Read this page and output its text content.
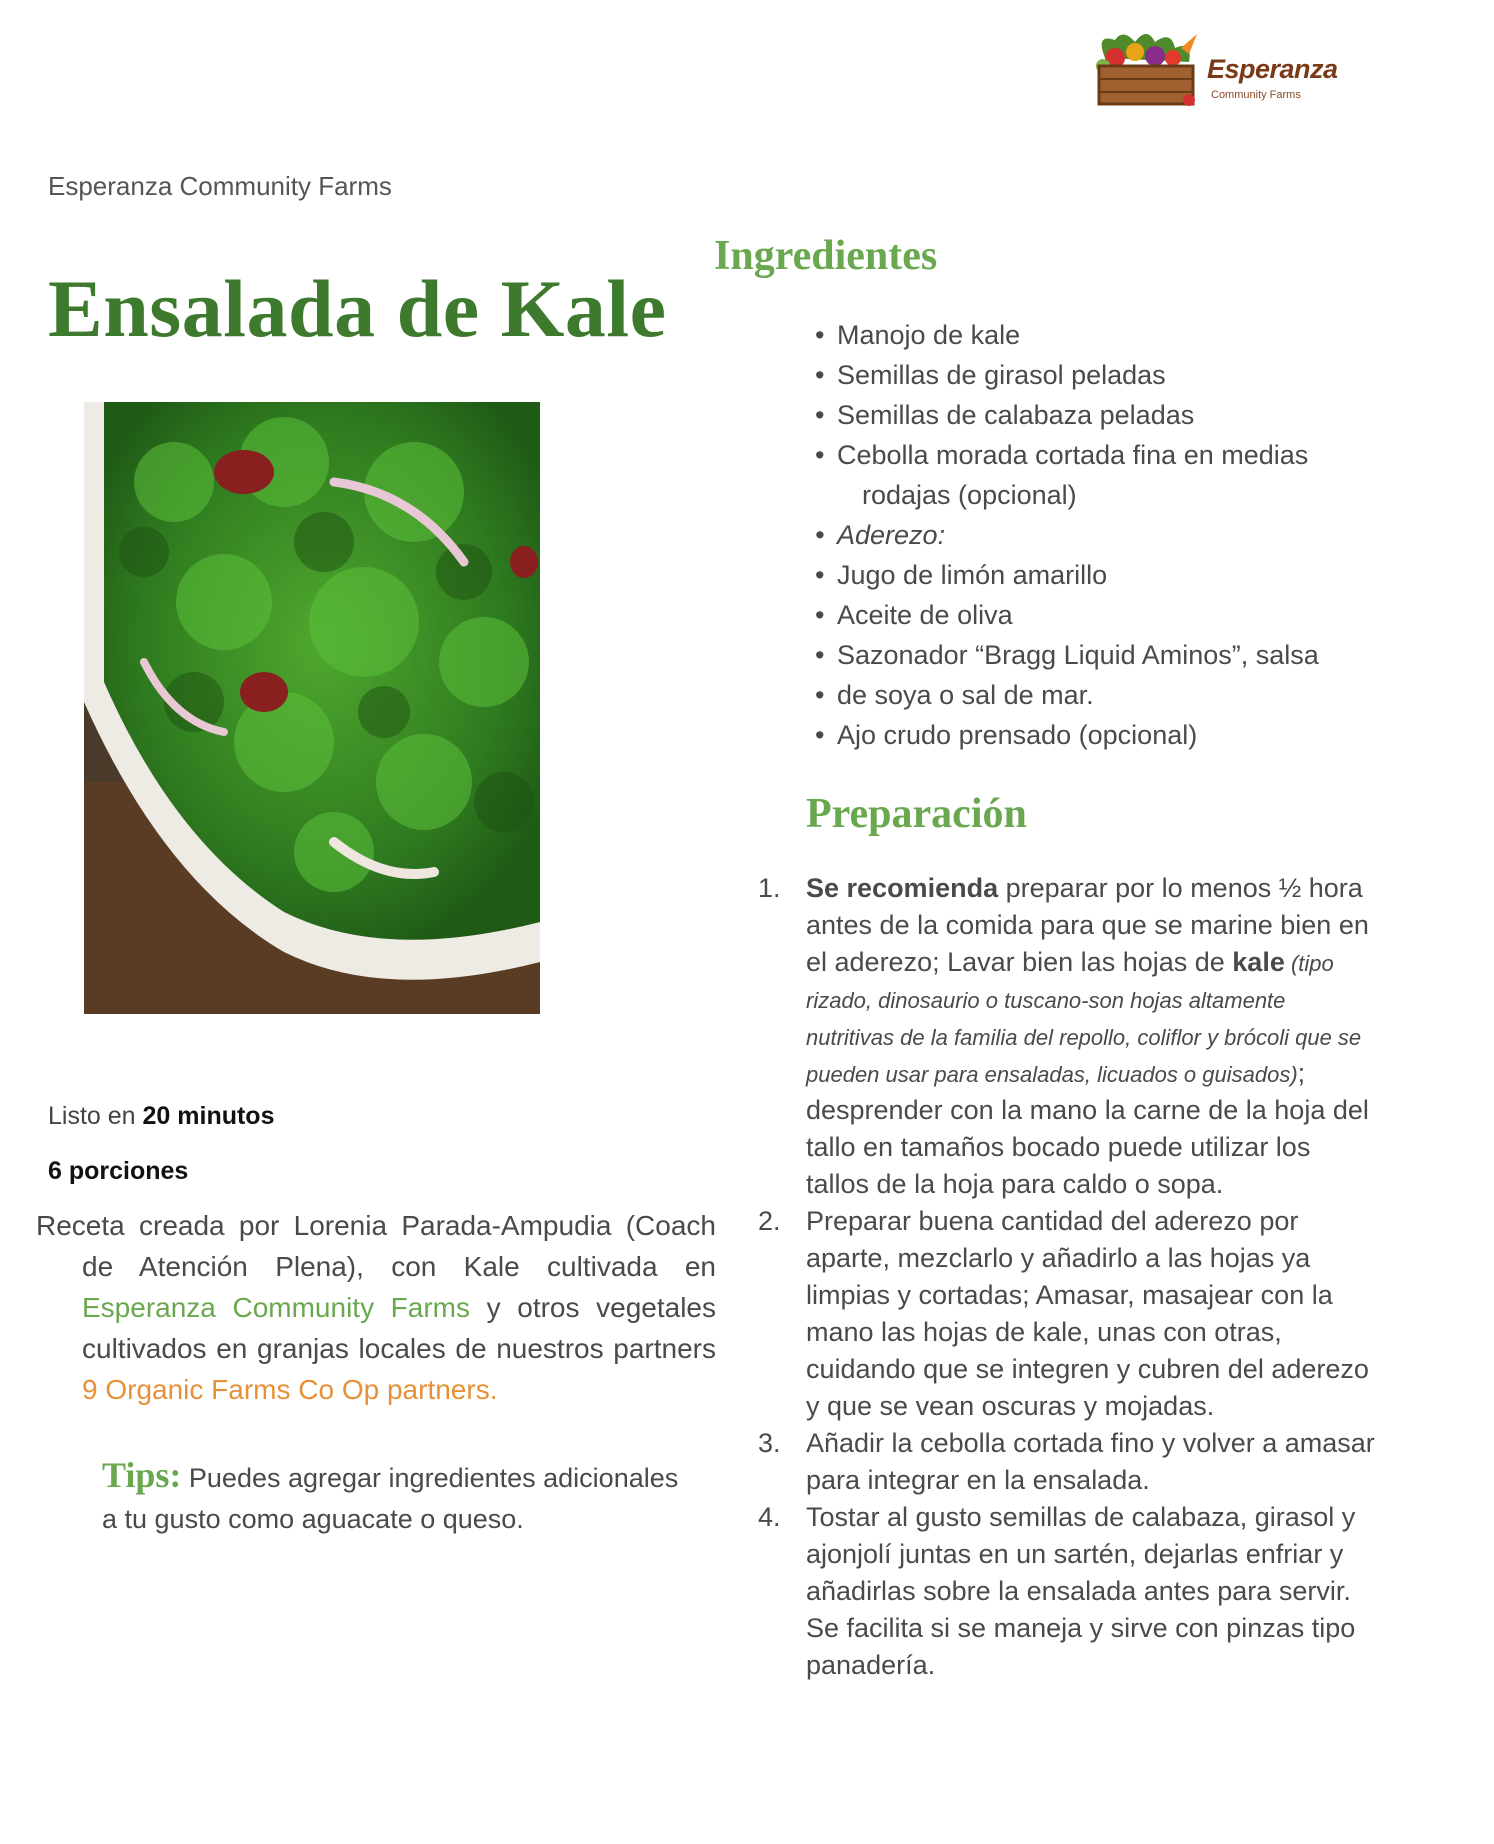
Esperanza
Community Farms
Esperanza Community Farms
Ensalada de Kale
Listo en 20 minutos
6 porciones

Receta creada por Lorenia Parada-Ampudia (Coach de Atención Plena), con Kale cultivada en Esperanza Community Farms y otros vegetales cultivados en granjas locales de nuestros partners 9 Organic Farms Co Op partners.

Tips: Puedes agregar ingredientes adicionales a tu gusto como aguacate o queso.
Ingredientes
• Manojo de kale
• Semillas de girasol peladas
• Semillas de calabaza peladas
• Cebolla morada cortada fina en medias
rodajas (opcional)
• Aderezo:
• Jugo de limón amarillo
• Aceite de oliva
• Sazonador “Bragg Liquid Aminos”, salsa
• de soya o sal de mar.
• Ajo crudo prensado (opcional)
Preparación
1. Se recomienda preparar por lo menos ½ hora antes de la comida para que se marine bien en el aderezo; Lavar bien las hojas de kale (tipo rizado, dinosaurio o tuscano-son hojas altamente nutritivas de la familia del repollo, coliflor y brócoli que se pueden usar para ensaladas, licuados o guisados); desprender con la mano la carne de la hoja del tallo en tamaños bocado puede utilizar los tallos de la hoja para caldo o sopa.
2. Preparar buena cantidad del aderezo por aparte, mezclarlo y añadirlo a las hojas ya limpias y cortadas; Amasar, masajear con la mano las hojas de kale, unas con otras, cuidando que se integren y cubren del aderezo y que se vean oscuras y mojadas.
3. Añadir la cebolla cortada fino y volver a amasar para integrar en la ensalada.
4. Tostar al gusto semillas de calabaza, girasol y ajonjolí juntas en un sartén, dejarlas enfriar y añadirlas sobre la ensalada antes para servir. Se facilita si se maneja y sirve con pinzas tipo panadería.
